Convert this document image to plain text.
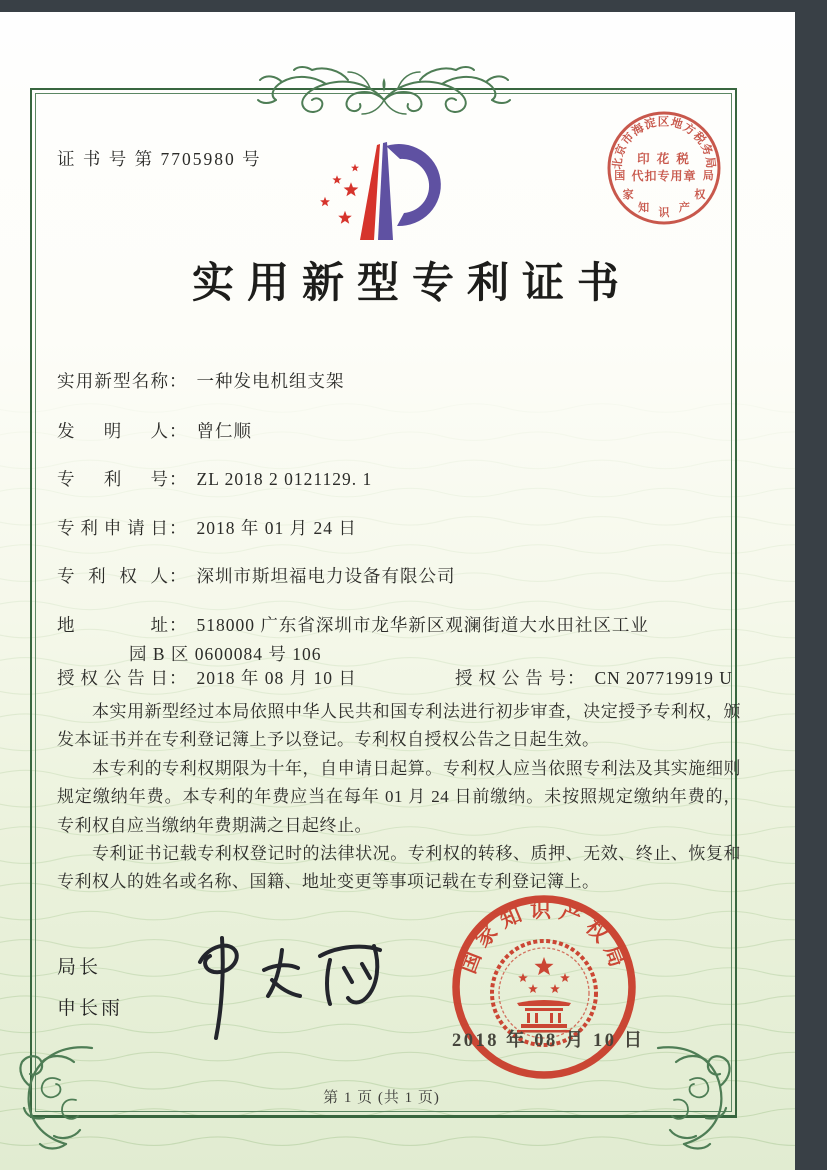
证 书 号 第 7705980 号	北京市海淀区地方税务局
国
家
知 识 产
权
局
印 花 税
代扣专用章
实用新型专利证书
实用新型名称： 一种发电机组支架
发明人： 曾仁顺
专利号： ZL 2018 2 0121129. 1
专利申请日： 2018 年 01 月 24 日
专利权人： 深圳市斯坦福电力设备有限公司
地址： 518000 广东省深圳市龙华新区观澜街道大水田社区工业
园 B 区 0600084 号 106
授权公告日： 2018 年 08 月 10 日	授权公告号： CN 207719919 U

本实用新型经过本局依照中华人民共和国专利法进行初步审查，决定授予专利权，颁发本证书并在专利登记簿上予以登记。专利权自授权公告之日起生效。

本专利的专利权期限为十年，自申请日起算。专利权人应当依照专利法及其实施细则规定缴纳年费。本专利的年费应当在每年 01 月 24 日前缴纳。未按照规定缴纳年费的，专利权自应当缴纳年费期满之日起终止。

专利证书记载专利权登记时的法律状况。专利权的转移、质押、无效、终止、恢复和专利权人的姓名或名称、国籍、地址变更等事项记载在专利登记簿上。

局长
申长雨
国家知识产权局
2018 年 08 月 10 日
第 1 页 (共 1 页)
